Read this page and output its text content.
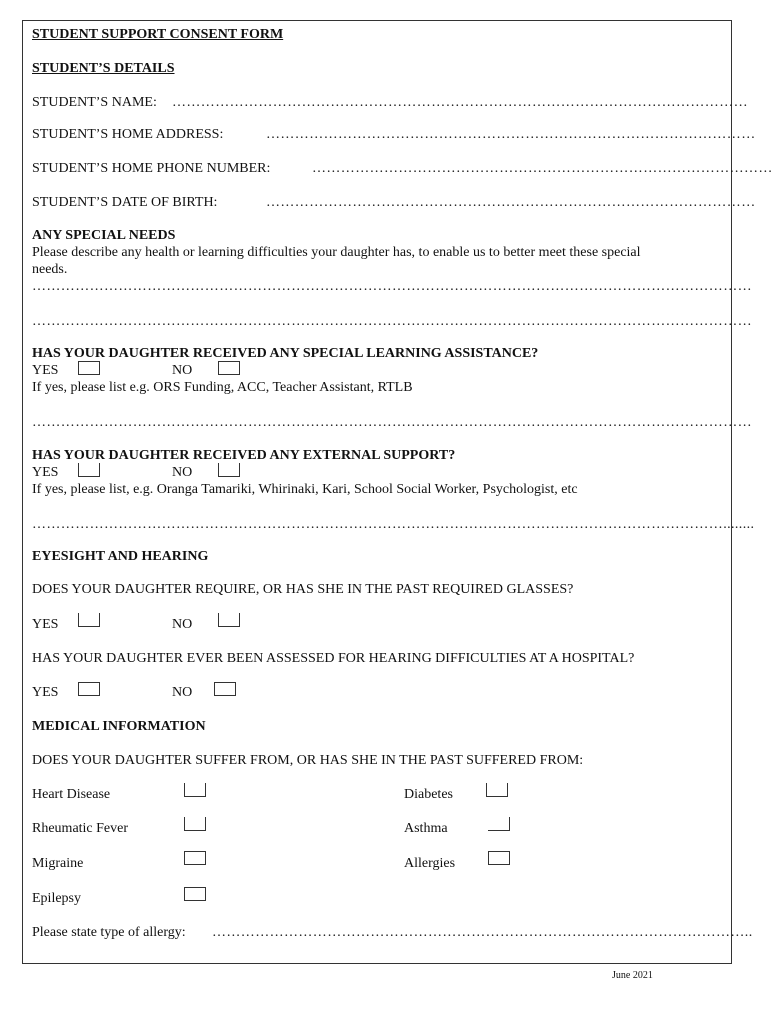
STUDENT SUPPORT CONSENT FORM
STUDENT’S DETAILS
STUDENT’S NAME: …………………………………………………………………………………………………………
STUDENT’S HOME ADDRESS:	…………………………………………………………………………………………
STUDENT’S HOME PHONE NUMBER:	……………………………………………………………………………………
STUDENT’S DATE OF BIRTH:	…………………………………………………………………………………………
ANY SPECIAL NEEDS
Please describe any health or learning difficulties your daughter has, to enable us to better meet these special
needs.
……………………………………………………………………………………………………………………………………
……………………………………………………………………………………………………………………………………
HAS YOUR DAUGHTER RECEIVED ANY SPECIAL LEARNING ASSISTANCE?
YES	NO
If yes, please list e.g. ORS Funding, ACC, Teacher Assistant, RTLB
……………………………………………………………………………………………………………………………………
HAS YOUR DAUGHTER RECEIVED ANY EXTERNAL SUPPORT?
YES	NO
If yes, please list, e.g. Oranga Tamariki, Whirinaki, Kari, School Social Worker, Psychologist, etc
………………………………………………………………………………………………………………………………........
EYESIGHT AND HEARING
DOES YOUR DAUGHTER REQUIRE, OR HAS SHE IN THE PAST REQUIRED GLASSES?
YES	NO
HAS YOUR DAUGHTER EVER BEEN ASSESSED FOR HEARING DIFFICULTIES AT A HOSPITAL?
YES	NO
MEDICAL INFORMATION
DOES YOUR DAUGHTER SUFFER FROM, OR HAS SHE IN THE PAST SUFFERED FROM:
Heart Disease	Diabetes
Rheumatic Fever	Asthma
Migraine	Allergies
Epilepsy
Please state type of allergy: …………………………………………………………………………………………………..
June 2021
